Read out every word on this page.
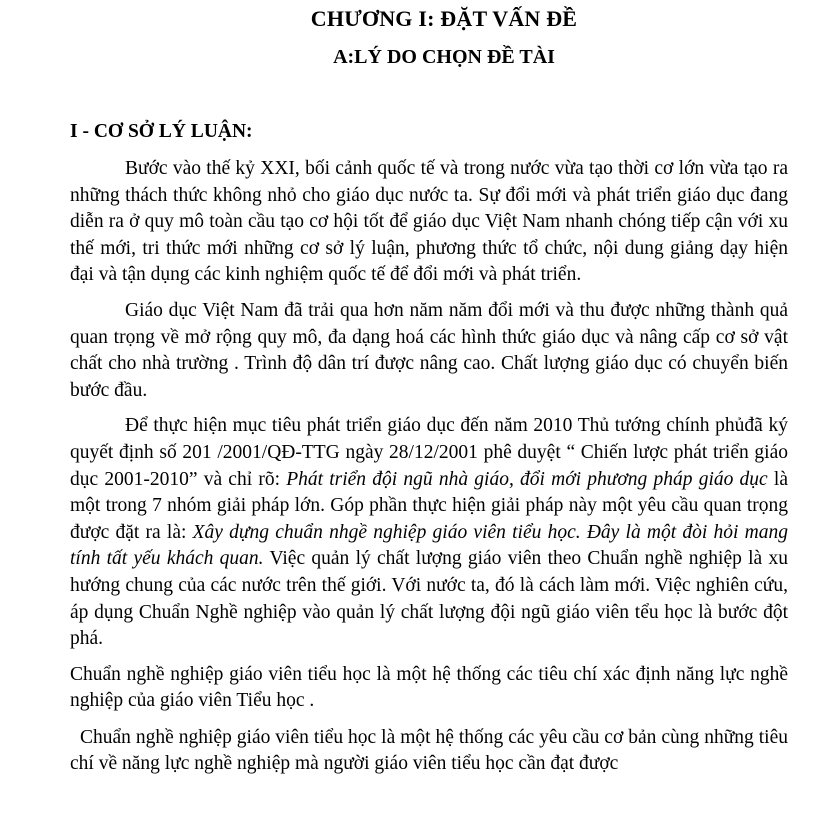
CHƯƠNG I: ĐẶT VẤN ĐỀ
A:LÝ DO CHỌN ĐỀ TÀI
I - CƠ SỞ LÝ LUẬN:

Bước vào thế kỷ XXI, bối cảnh quốc tế và trong nước vừa tạo thời cơ lớn vừa tạo ra những thách thức không nhỏ cho giáo dục nước ta. Sự đổi mới và phát triển giáo dục đang diễn ra ở quy mô toàn cầu tạo cơ hội tốt để giáo dục Việt Nam nhanh chóng tiếp cận với xu thế mới, tri thức mới những cơ sở lý luận, phương thức tổ chức, nội dung giảng dạy hiện đại và tận dụng các kinh nghiệm quốc tế để đổi mới và phát triển.

Giáo dục Việt Nam đã trải qua hơn năm năm đổi mới và thu được những thành quả quan trọng về mở rộng quy mô, đa dạng hoá các hình thức giáo dục và nâng cấp cơ sở vật chất cho nhà trường . Trình độ dân trí được nâng cao. Chất lượng giáo dục có chuyển biến bước đầu.

Để thực hiện mục tiêu phát triển giáo dục đến năm 2010 Thủ tướng chính phủđã ký quyết định số 201 /2001/QĐ-TTG ngày 28/12/2001 phê duyệt “ Chiến lược phát triển giáo dục 2001-2010” và chỉ rõ: Phát triển đội ngũ nhà giáo, đổi mới phương pháp giáo dục là một trong 7 nhóm giải pháp lớn. Góp phần thực hiện giải pháp này một yêu cầu quan trọng được đặt ra là: Xây dựng chuẩn nhgề nghiệp giáo viên tiểu học. Đây là một đòi hỏi mang tính tất yếu khách quan. Việc quản lý chất lượng giáo viên theo Chuẩn nghề nghiệp là xu hướng chung của các nước trên thế giới. Với nước ta, đó là cách làm mới. Việc nghiên cứu, áp dụng Chuẩn Nghề nghiệp vào quản lý chất lượng đội ngũ giáo viên tểu học là bước đột phá.

Chuẩn nghề nghiệp giáo viên tiểu học là một hệ thống các tiêu chí xác định năng lực nghề nghiệp của giáo viên Tiểu học .

Chuẩn nghề nghiệp giáo viên tiểu học là một hệ thống các yêu cầu cơ bản cùng những tiêu chí về năng lực nghề nghiệp mà người giáo viên tiểu học cần đạt được
